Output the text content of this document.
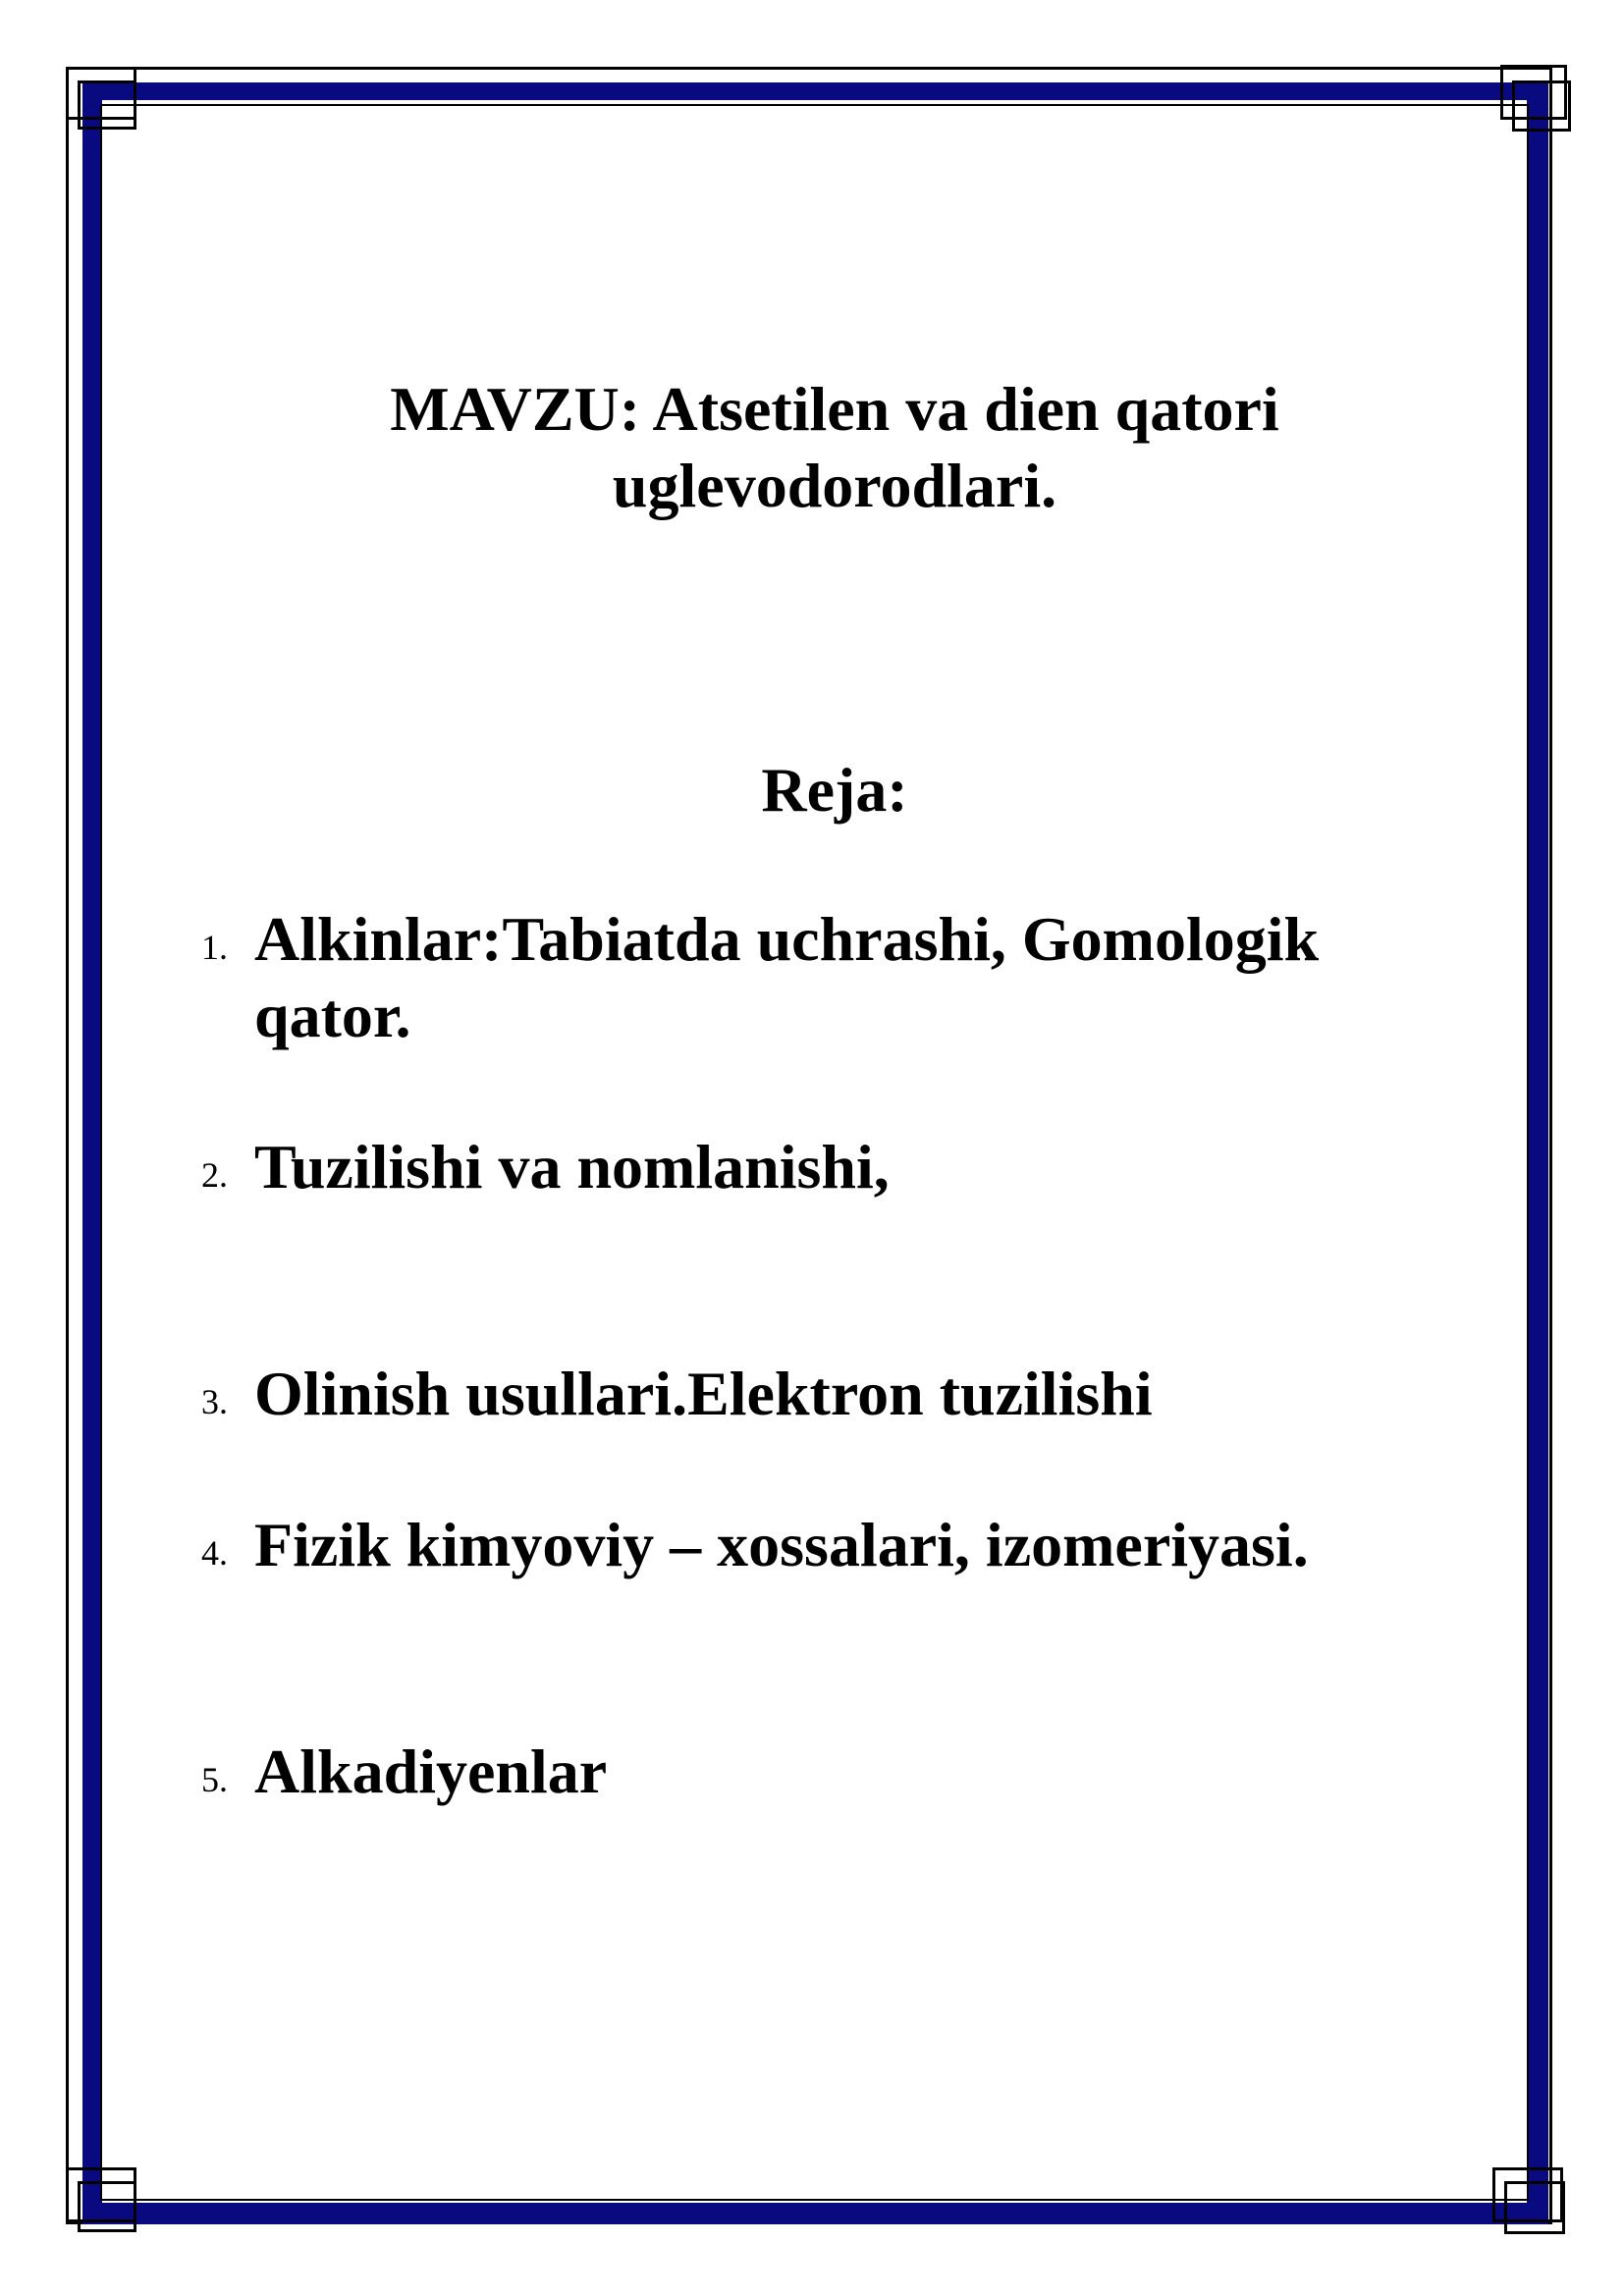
MAVZU: Atsetilen va dien qatori uglevodorodlari.
Reja:
1. Alkinlar:Tabiatda uchrashi, Gomologik qator.
2. Tuzilishi va nomlanishi,
3. Olinish usullari.Elektron tuzilishi
4. Fizik kimyoviy – xossalari, izomeriyasi.
5. Alkadiyenlar
